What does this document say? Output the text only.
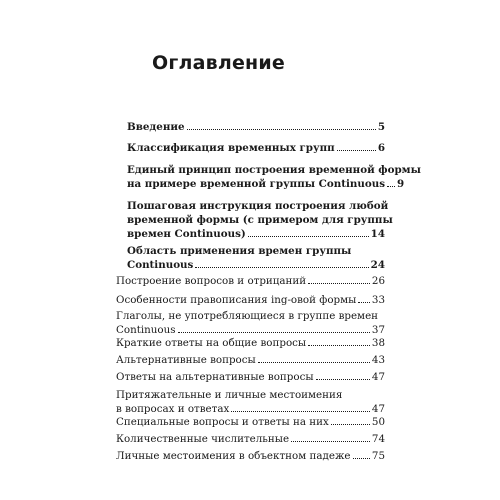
Оглавление
Введение	5
Классификация временных групп	6
Единый принцип построения временной формы
на примере временной группы Continuous 9
Пошаговая инструкция построения любой
временной формы (с примером для группы
времен Continuous)	14
Область применения времен группы
Continuous	24
Построение вопросов и отрицаний	26
Особенности правописания ing-овой формы 33
Глаголы, не употребляющиеся в группе времен
Continuous	37
Краткие ответы на общие вопросы	38
Альтернативные вопросы	43
Ответы на альтернативные вопросы	47
Притяжательные и личные местоимения
в вопросах и ответах	47
Специальные вопросы и ответы на них	50
Количественные числительные	74
Личные местоимения в объектном падеже 75
